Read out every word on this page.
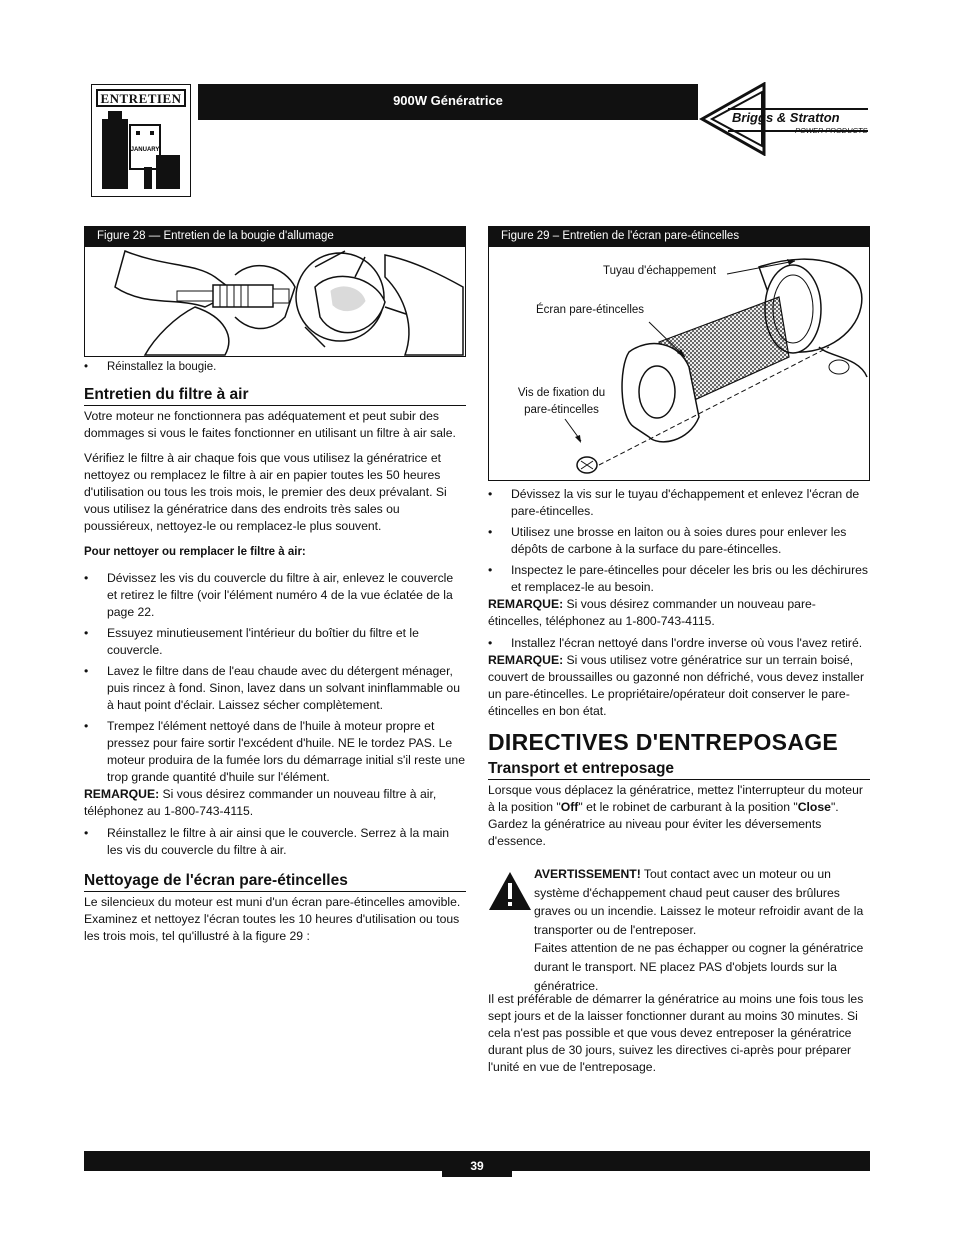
ENTRETIEN
JANUARY
900W Génératrice
Briggs & Stratton
POWER PRODUCTS
Figure 28 — Entretien de la bougie d'allumage
• Réinstallez la bougie.
Entretien du filtre à air

Votre moteur ne fonctionnera pas adéquatement et peut subir des dommages si vous le faites fonctionner en utilisant un filtre à air sale.

Vérifiez le filtre à air chaque fois que vous utilisez la génératrice et nettoyez ou remplacez le filtre à air en papier toutes les 50 heures d'utilisation ou tous les trois mois, le premier des deux prévalant. Si vous utilisez la génératrice dans des endroits très sales ou poussiéreux, nettoyez-le ou remplacez-le plus souvent.

Pour nettoyer ou remplacer le filtre à air:

• Dévissez les vis du couvercle du filtre à air, enlevez le couvercle et retirez le filtre (voir l'élément numéro 4 de la vue éclatée de la page 22.
• Essuyez minutieusement l'intérieur du boîtier du filtre et le couvercle.
• Lavez le filtre dans de l'eau chaude avec du détergent ménager, puis rincez à fond. Sinon, lavez dans un solvant ininflammable ou à haut point d'éclair. Laissez sécher complètement.
• Trempez l'élément nettoyé dans de l'huile à moteur propre et pressez pour faire sortir l'excédent d'huile. NE le tordez PAS. Le moteur produira de la fumée lors du démarrage initial s'il reste une trop grande quantité d'huile sur l'élément.

REMARQUE: Si vous désirez commander un nouveau filtre à air, téléphonez au 1-800-743-4115.

• Réinstallez le filtre à air ainsi que le couvercle. Serrez à la main les vis du couvercle du filtre à air.
Nettoyage de l'écran pare-étincelles

Le silencieux du moteur est muni d'un écran pare-étincelles amovible. Examinez et nettoyez l'écran toutes les 10 heures d'utilisation ou tous les trois mois, tel qu'illustré à la figure 29 :

Figure 29 – Entretien de l'écran pare-étincelles
Tuyau d'échappement
Écran pare-étincelles
Vis de fixation du
pare-étincelles
• Dévissez la vis sur le tuyau d'échappement et enlevez l'écran de pare-étincelles.
• Utilisez une brosse en laiton ou à soies dures pour enlever les dépôts de carbone à la surface du pare-étincelles.
• Inspectez le pare-étincelles pour déceler les bris ou les déchirures et remplacez-le au besoin.

REMARQUE: Si vous désirez commander un nouveau pare-étincelles, téléphonez au 1-800-743-4115.

• Installez l'écran nettoyé dans l'ordre inverse où vous l'avez retiré.

REMARQUE: Si vous utilisez votre génératrice sur un terrain boisé, couvert de broussailles ou gazonné non défriché, vous devez installer un pare-étincelles. Le propriétaire/opérateur doit conserver le pare-étincelles en bon état.

DIRECTIVES D'ENTREPOSAGE
Transport et entreposage

Lorsque vous déplacez la génératrice, mettez l'interrupteur du moteur à la position "Off" et le robinet de carburant à la position "Close". Gardez la génératrice au niveau pour éviter les déversements d'essence.

AVERTISSEMENT! Tout contact avec un moteur ou un système d'échappement chaud peut causer des brûlures graves ou un incendie. Laissez le moteur refroidir avant de la transporter ou de l'entreposer.

Faites attention de ne pas échapper ou cogner la génératrice durant le transport. NE placez PAS d'objets lourds sur la génératrice.

Il est préférable de démarrer la génératrice au moins une fois tous les sept jours et de la laisser fonctionner durant au moins 30 minutes. Si cela n'est pas possible et que vous devez entreposer la génératrice durant plus de 30 jours, suivez les directives ci-après pour préparer l'unité en vue de l'entreposage.

39
